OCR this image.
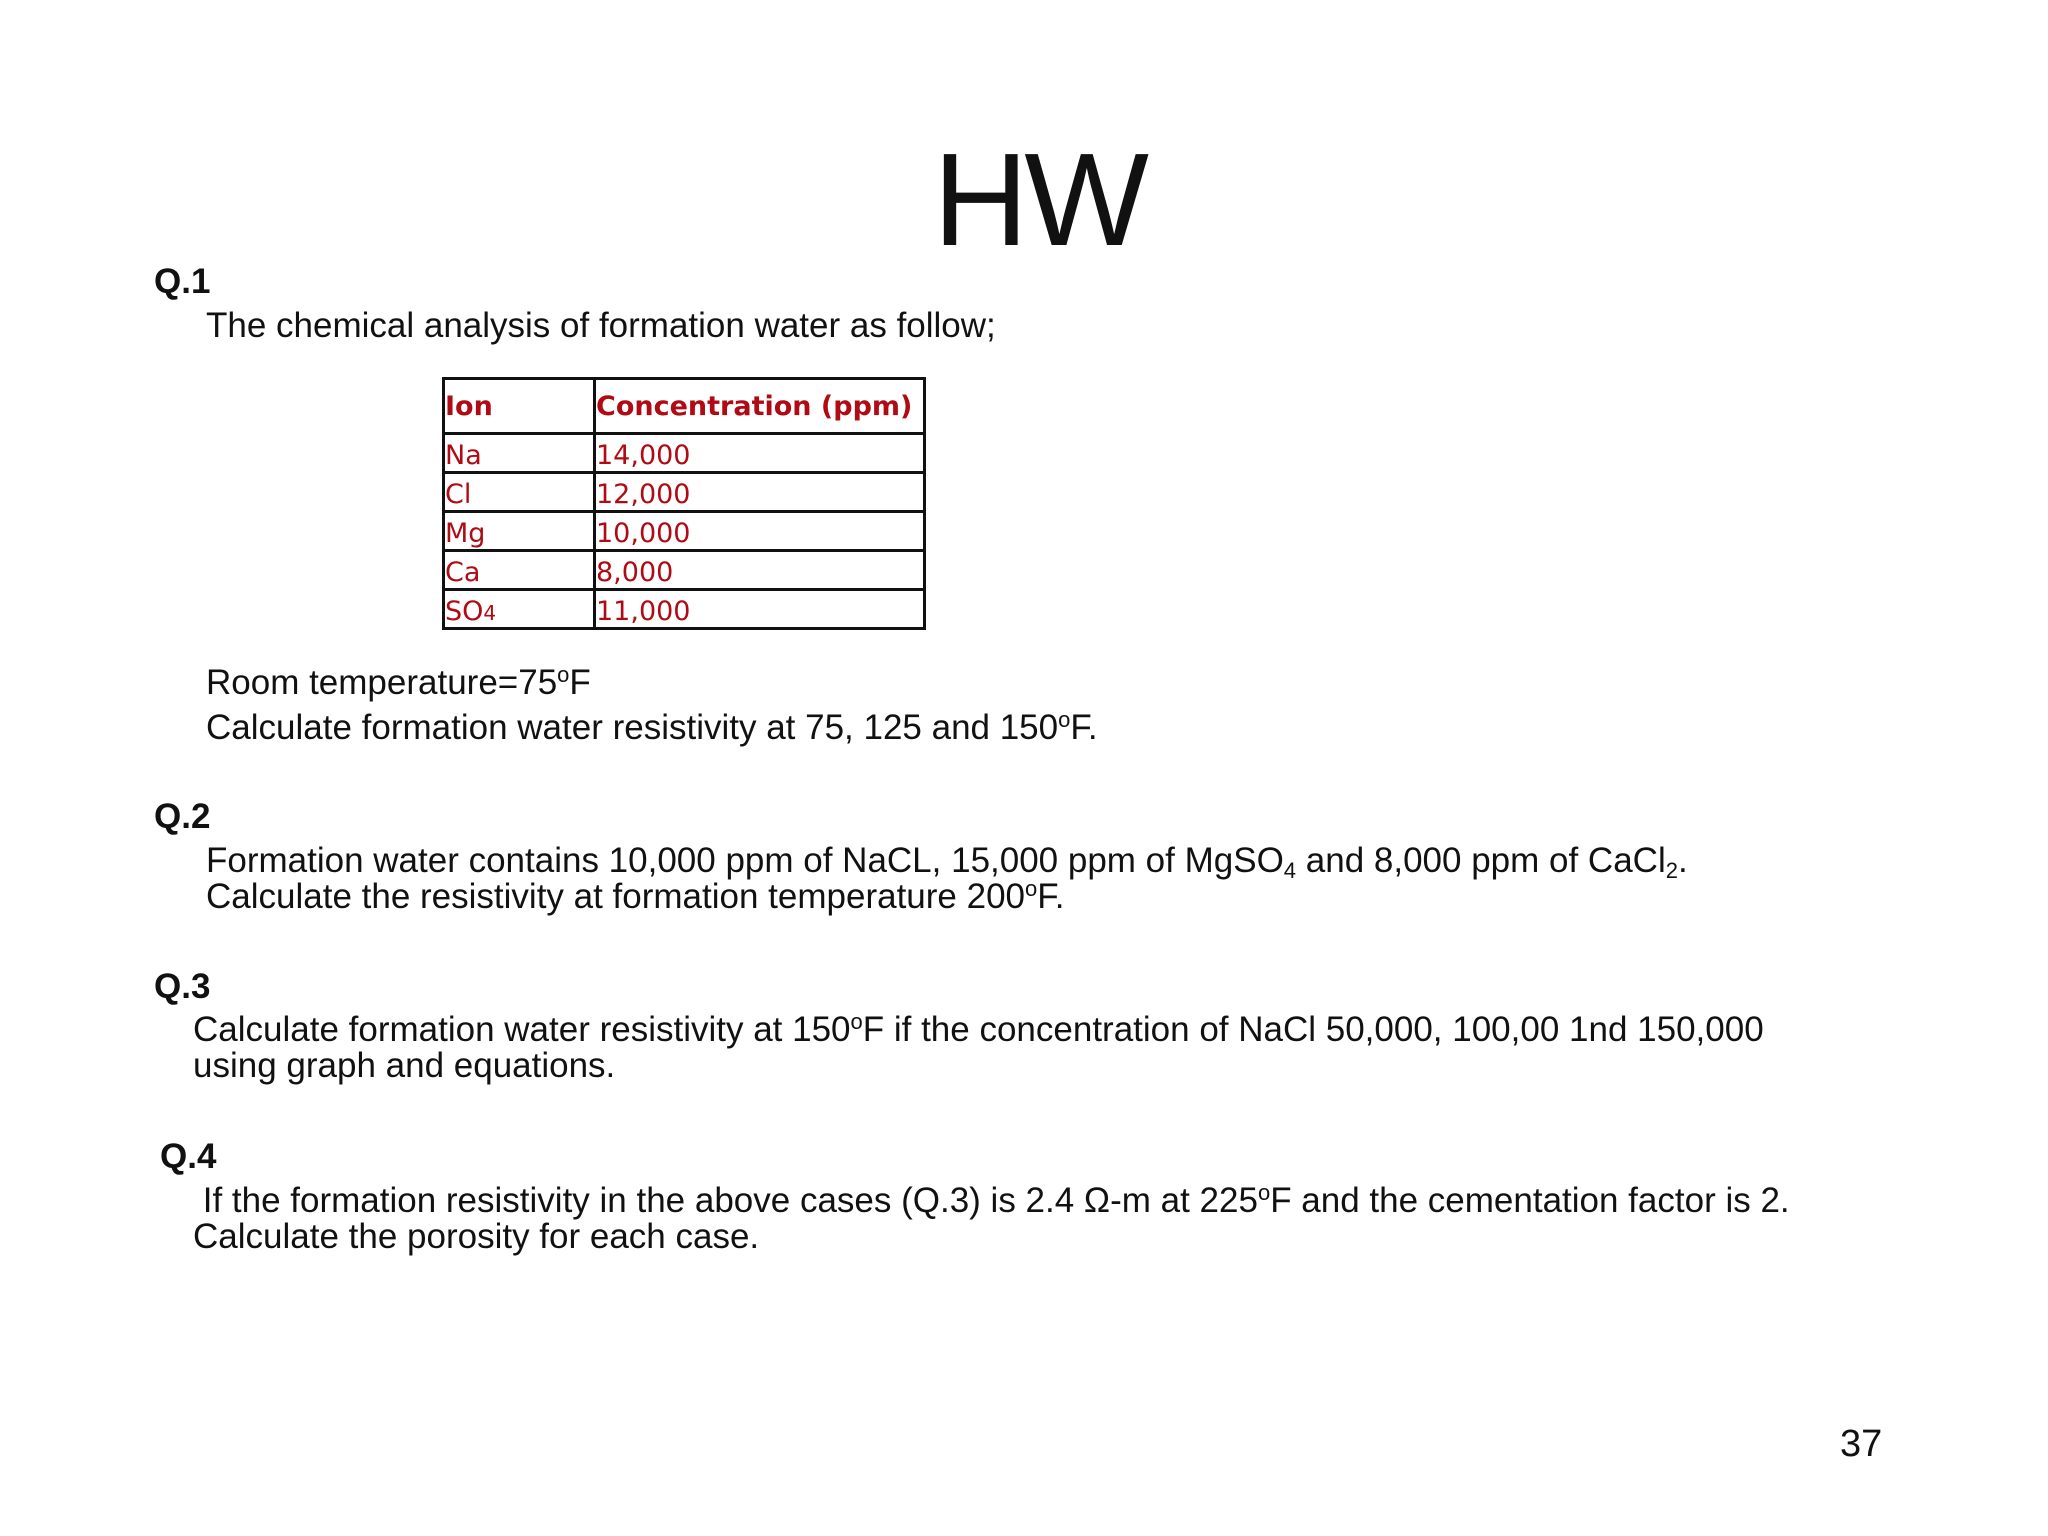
HW
Q.1
The chemical analysis of formation water as follow;
Ion	Concentration (ppm)
Na	14,000
Cl	12,000
Mg	10,000
Ca	8,000
SO4	11,000
Room $temperature=75^oF$
Calculate formation water resistivity at 75, 125 and 150$^o$F.
Q.2
Formation water contains 10,000 ppm of NaCL, 15,000 ppm of MgSO$_4$ and 8,000 ppm of CaCl$_2$.
Calculate the resistivity at formation temperature 200$^o$F.
Q.3
Calculate formation water resistivity at 150$^o$F if the concentration of NaCl 50,000, 100,00 1nd 150,000
using graph and equations.
Q.4
If the formation resistivity in the above cases (Q.3) is 2.4 Ω-m at 225$^o$F and the cementation factor is 2.
Calculate the porosity for each case.
37
